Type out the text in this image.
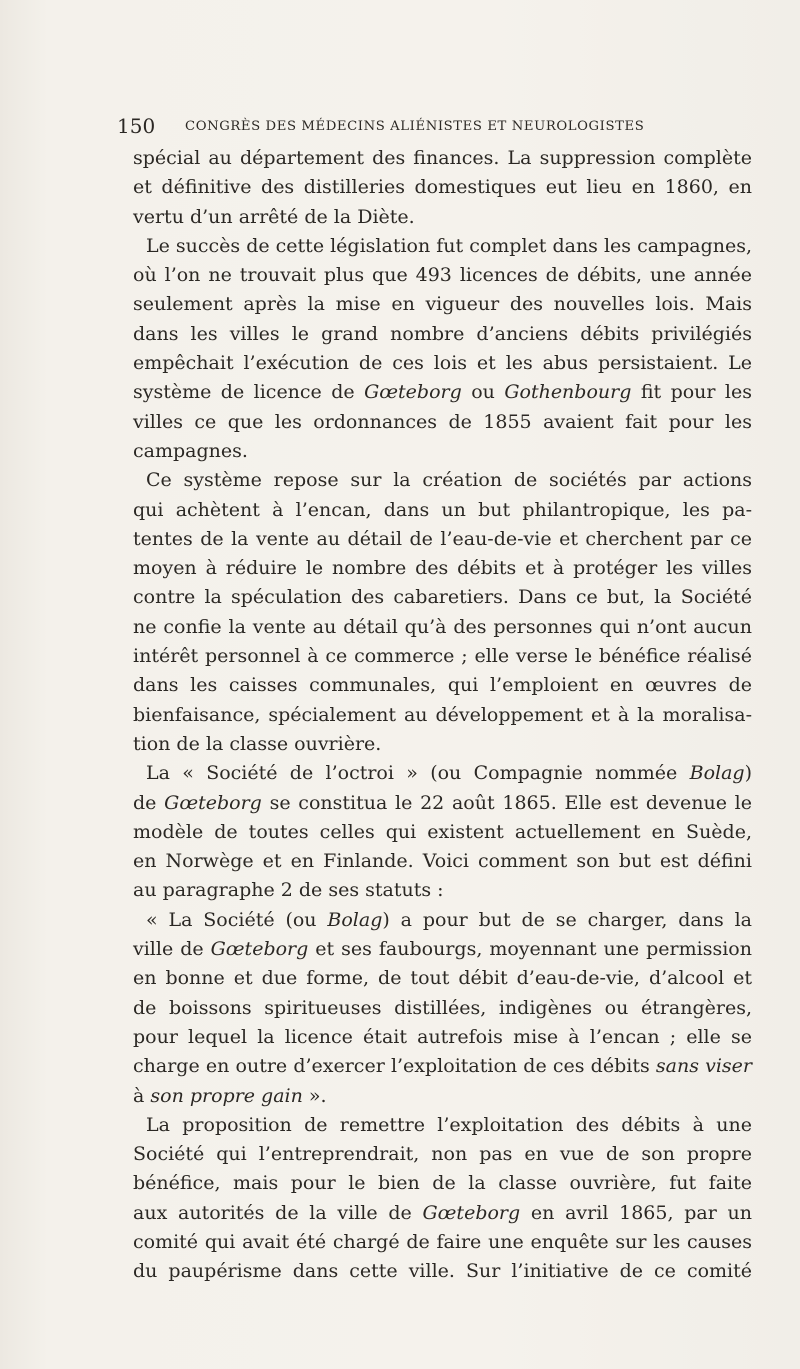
150 CONGRÈS DES MÉDECINS ALIÉNISTES ET NEUROLOGISTES
spécial au département des finances. La suppression complète
et définitive des distilleries domestiques eut lieu en 1860, en
vertu d’un arrêté de la Diète.
Le succès de cette législation fut complet dans les campagnes,
où l’on ne trouvait plus que 493 licences de débits, une année
seulement après la mise en vigueur des nouvelles lois. Mais
dans les villes le grand nombre d’anciens débits privilégiés
empêchait l’exécution de ces lois et les abus persistaient. Le
système de licence de Gœteborg ou Gothenbourg fit pour les
villes ce que les ordonnances de 1855 avaient fait pour les
campagnes.
Ce système repose sur la création de sociétés par actions
qui achètent à l’encan, dans un but philantropique, les pa-
tentes de la vente au détail de l’eau-de-vie et cherchent par ce
moyen à réduire le nombre des débits et à protéger les villes
contre la spéculation des cabaretiers. Dans ce but, la Société
ne confie la vente au détail qu’à des personnes qui n’ont aucun
intérêt personnel à ce commerce ; elle verse le bénéfice réalisé
dans les caisses communales, qui l’emploient en œuvres de
bienfaisance, spécialement au développement et à la moralisa-
tion de la classe ouvrière.
La « Société de l’octroi » (ou Compagnie nommée Bolag)
de Gœteborg se constitua le 22 août 1865. Elle est devenue le
modèle de toutes celles qui existent actuellement en Suède,
en Norwège et en Finlande. Voici comment son but est défini
au paragraphe 2 de ses statuts :
« La Société (ou Bolag) a pour but de se charger, dans la
ville de Gœteborg et ses faubourgs, moyennant une permission
en bonne et due forme, de tout débit d’eau-de-vie, d’alcool et
de boissons spiritueuses distillées, indigènes ou étrangères,
pour lequel la licence était autrefois mise à l’encan ; elle se
charge en outre d’exercer l’exploitation de ces débits sans viser
à son propre gain ».
La proposition de remettre l’exploitation des débits à une
Société qui l’entreprendrait, non pas en vue de son propre
bénéfice, mais pour le bien de la classe ouvrière, fut faite
aux autorités de la ville de Gœteborg en avril 1865, par un
comité qui avait été chargé de faire une enquête sur les causes
du paupérisme dans cette ville. Sur l’initiative de ce comité
